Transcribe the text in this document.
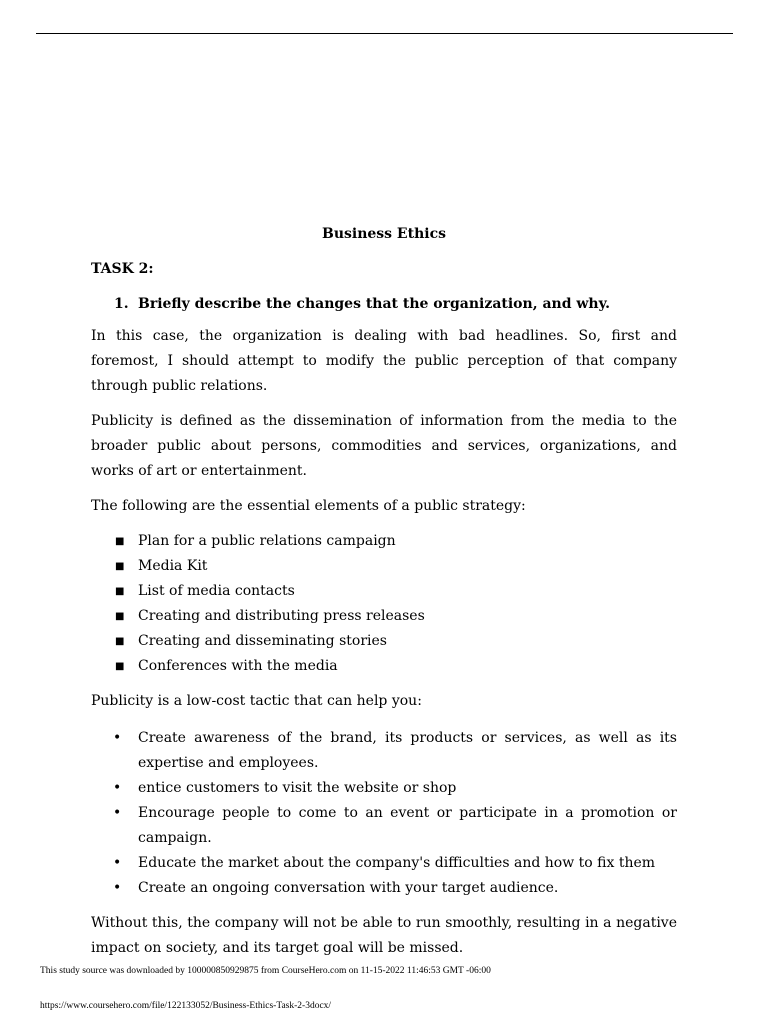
Business Ethics

TASK 2:

1. Briefly describe the changes that the organization, and why.

In this case, the organization is dealing with bad headlines. So, first and foremost, I should attempt to modify the public perception of that company through public relations.

Publicity is defined as the dissemination of information from the media to the broader public about persons, commodities and services, organizations, and works of art or entertainment.

The following are the essential elements of a public strategy:

■ Plan for a public relations campaign
■ Media Kit
■ List of media contacts
■ Creating and distributing press releases
■ Creating and disseminating stories
■ Conferences with the media

Publicity is a low-cost tactic that can help you:

• Create awareness of the brand, its products or services, as well as its expertise and employees.
• entice customers to visit the website or shop
• Encourage people to come to an event or participate in a promotion or campaign.
• Educate the market about the company's difficulties and how to fix them
• Create an ongoing conversation with your target audience.

Without this, the company will not be able to run smoothly, resulting in a negative impact on society, and its target goal will be missed.

This study source was downloaded by 100000850929875 from CourseHero.com on 11-15-2022 11:46:53 GMT -06:00
https://www.coursehero.com/file/122133052/Business-Ethics-Task-2-3docx/
